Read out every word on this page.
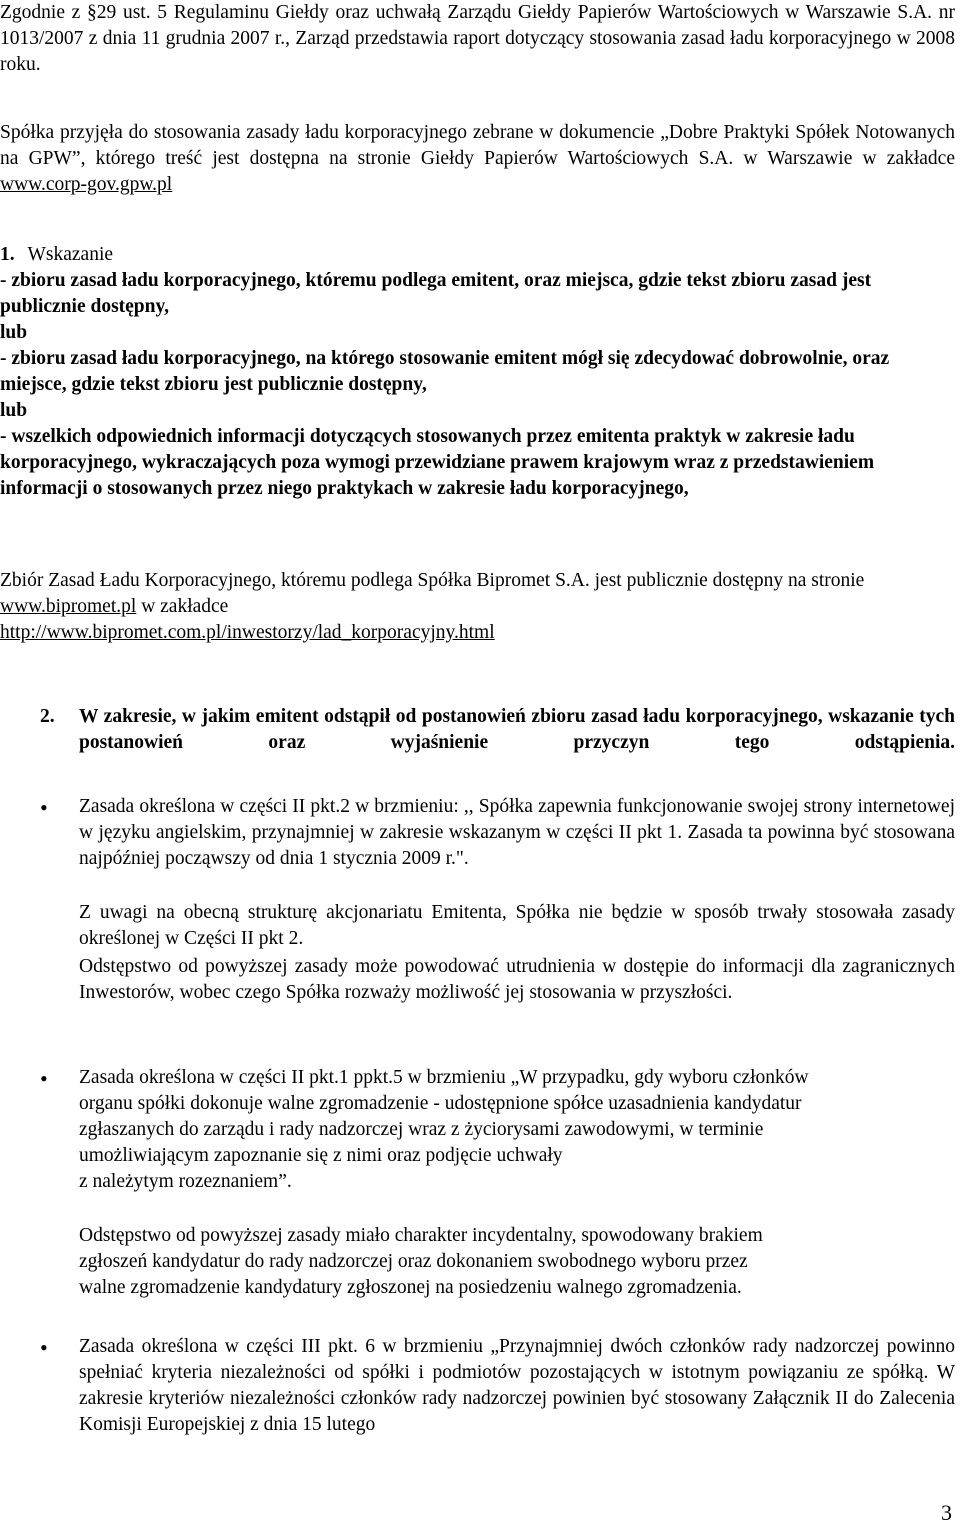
Zgodnie z §29 ust. 5 Regulaminu Giełdy oraz uchwałą Zarządu Giełdy Papierów Wartościowych w Warszawie S.A. nr 1013/2007 z dnia 11 grudnia 2007 r., Zarząd przedstawia raport dotyczący stosowania zasad ładu korporacyjnego w 2008 roku.
Spółka przyjęła do stosowania zasady ładu korporacyjnego zebrane w dokumencie „Dobre Praktyki Spółek Notowanych na GPW”, którego treść jest dostępna na stronie Giełdy Papierów Wartościowych S.A. w Warszawie w zakładce www.corp-gov.gpw.pl
1. Wskazanie
- zbioru zasad ładu korporacyjnego, któremu podlega emitent, oraz miejsca, gdzie tekst zbioru zasad jest publicznie dostępny,
lub
- zbioru zasad ładu korporacyjnego, na którego stosowanie emitent mógł się zdecydować dobrowolnie, oraz miejsce, gdzie tekst zbioru jest publicznie dostępny,
lub
- wszelkich odpowiednich informacji dotyczących stosowanych przez emitenta praktyk w zakresie ładu korporacyjnego, wykraczających poza wymogi przewidziane prawem krajowym wraz z przedstawieniem informacji o stosowanych przez niego praktykach w zakresie ładu korporacyjnego,
Zbiór Zasad Ładu Korporacyjnego, któremu podlega Spółka Bipromet S.A. jest publicznie dostępny na stronie www.bipromet.pl w zakładce
http://www.bipromet.com.pl/inwestorzy/lad_korporacyjny.html
2. W zakresie, w jakim emitent odstąpił od postanowień zbioru zasad ładu korporacyjnego, wskazanie tych postanowień oraz wyjaśnienie przyczyn tego odstąpienia.
• Zasada określona w części II pkt.2 w brzmieniu: ,, Spółka zapewnia funkcjonowanie swojej strony internetowej w języku angielskim, przynajmniej w zakresie wskazanym w części II pkt 1. Zasada ta powinna być stosowana najpóźniej począwszy od dnia 1 stycznia 2009 r.".
Z uwagi na obecną strukturę akcjonariatu Emitenta, Spółka nie będzie w sposób trwały stosowała zasady określonej w Części II pkt 2.
Odstępstwo od powyższej zasady może powodować utrudnienia w dostępie do informacji dla zagranicznych Inwestorów, wobec czego Spółka rozważy możliwość jej stosowania w przyszłości.
• Zasada określona w części II pkt.1 ppkt.5 w brzmieniu „W przypadku, gdy wyboru członków
organu spółki dokonuje walne zgromadzenie - udostępnione spółce uzasadnienia kandydatur
zgłaszanych do zarządu i rady nadzorczej wraz z życiorysami zawodowymi, w terminie
umożliwiającym zapoznanie się z nimi oraz podjęcie uchwały
z należytym rozeznaniem”.
Odstępstwo od powyższej zasady miało charakter incydentalny, spowodowany brakiem
zgłoszeń kandydatur do rady nadzorczej oraz dokonaniem swobodnego wyboru przez
walne zgromadzenie kandydatury zgłoszonej na posiedzeniu walnego zgromadzenia.
• Zasada określona w części III pkt. 6 w brzmieniu „Przynajmniej dwóch członków rady nadzorczej powinno spełniać kryteria niezależności od spółki i podmiotów pozostających w istotnym powiązaniu ze spółką. W zakresie kryteriów niezależności członków rady nadzorczej powinien być stosowany Załącznik II do Zalecenia Komisji Europejskiej z dnia 15 lutego
3
